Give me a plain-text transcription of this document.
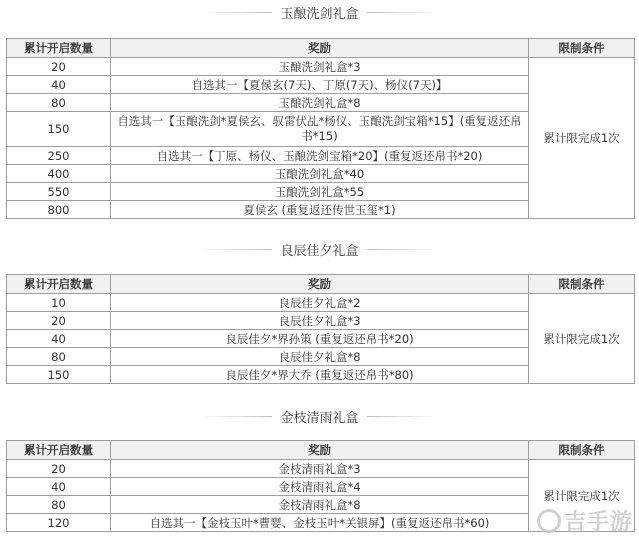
玉酿洗剑礼盒
累计开启数量	奖励	限制条件
20	玉酿洗剑礼盒*3	累计限完成1次
40	自选其一【夏侯玄(7天)、丁原(7天)、杨仪(7天)】	
80	玉酿洗剑礼盒*8	
150	自选其一【玉酿洗剑*夏侯玄、驭雷伏乩*杨仪、玉酿洗剑宝箱*15】(重复返还帛书*15)	
250	自选其一【丁原、杨仪、玉酿洗剑宝箱*20】(重复返还帛书*20)	
400	玉酿洗剑礼盒*40	
550	玉酿洗剑礼盒*55	
800	夏侯玄 (重复返还传世玉玺*1)	
良辰佳夕礼盒
累计开启数量	奖励	限制条件
10	良辰佳夕礼盒*2	累计限完成1次
20	良辰佳夕礼盒*3	
40	良辰佳夕*界孙策 (重复返还帛书*20)	
80	良辰佳夕礼盒*8	
150	良辰佳夕*界大乔 (重复返还帛书*80)	
金枝清雨礼盒
累计开启数量	奖励	限制条件
20	金枝清雨礼盒*3	累计限完成1次
40	金枝清雨礼盒*4	
80	金枝清雨礼盒*8	
120	自选其一【金枝玉叶*曹婴、金枝玉叶*关银屏】(重复返还帛书*60)		吉手游
